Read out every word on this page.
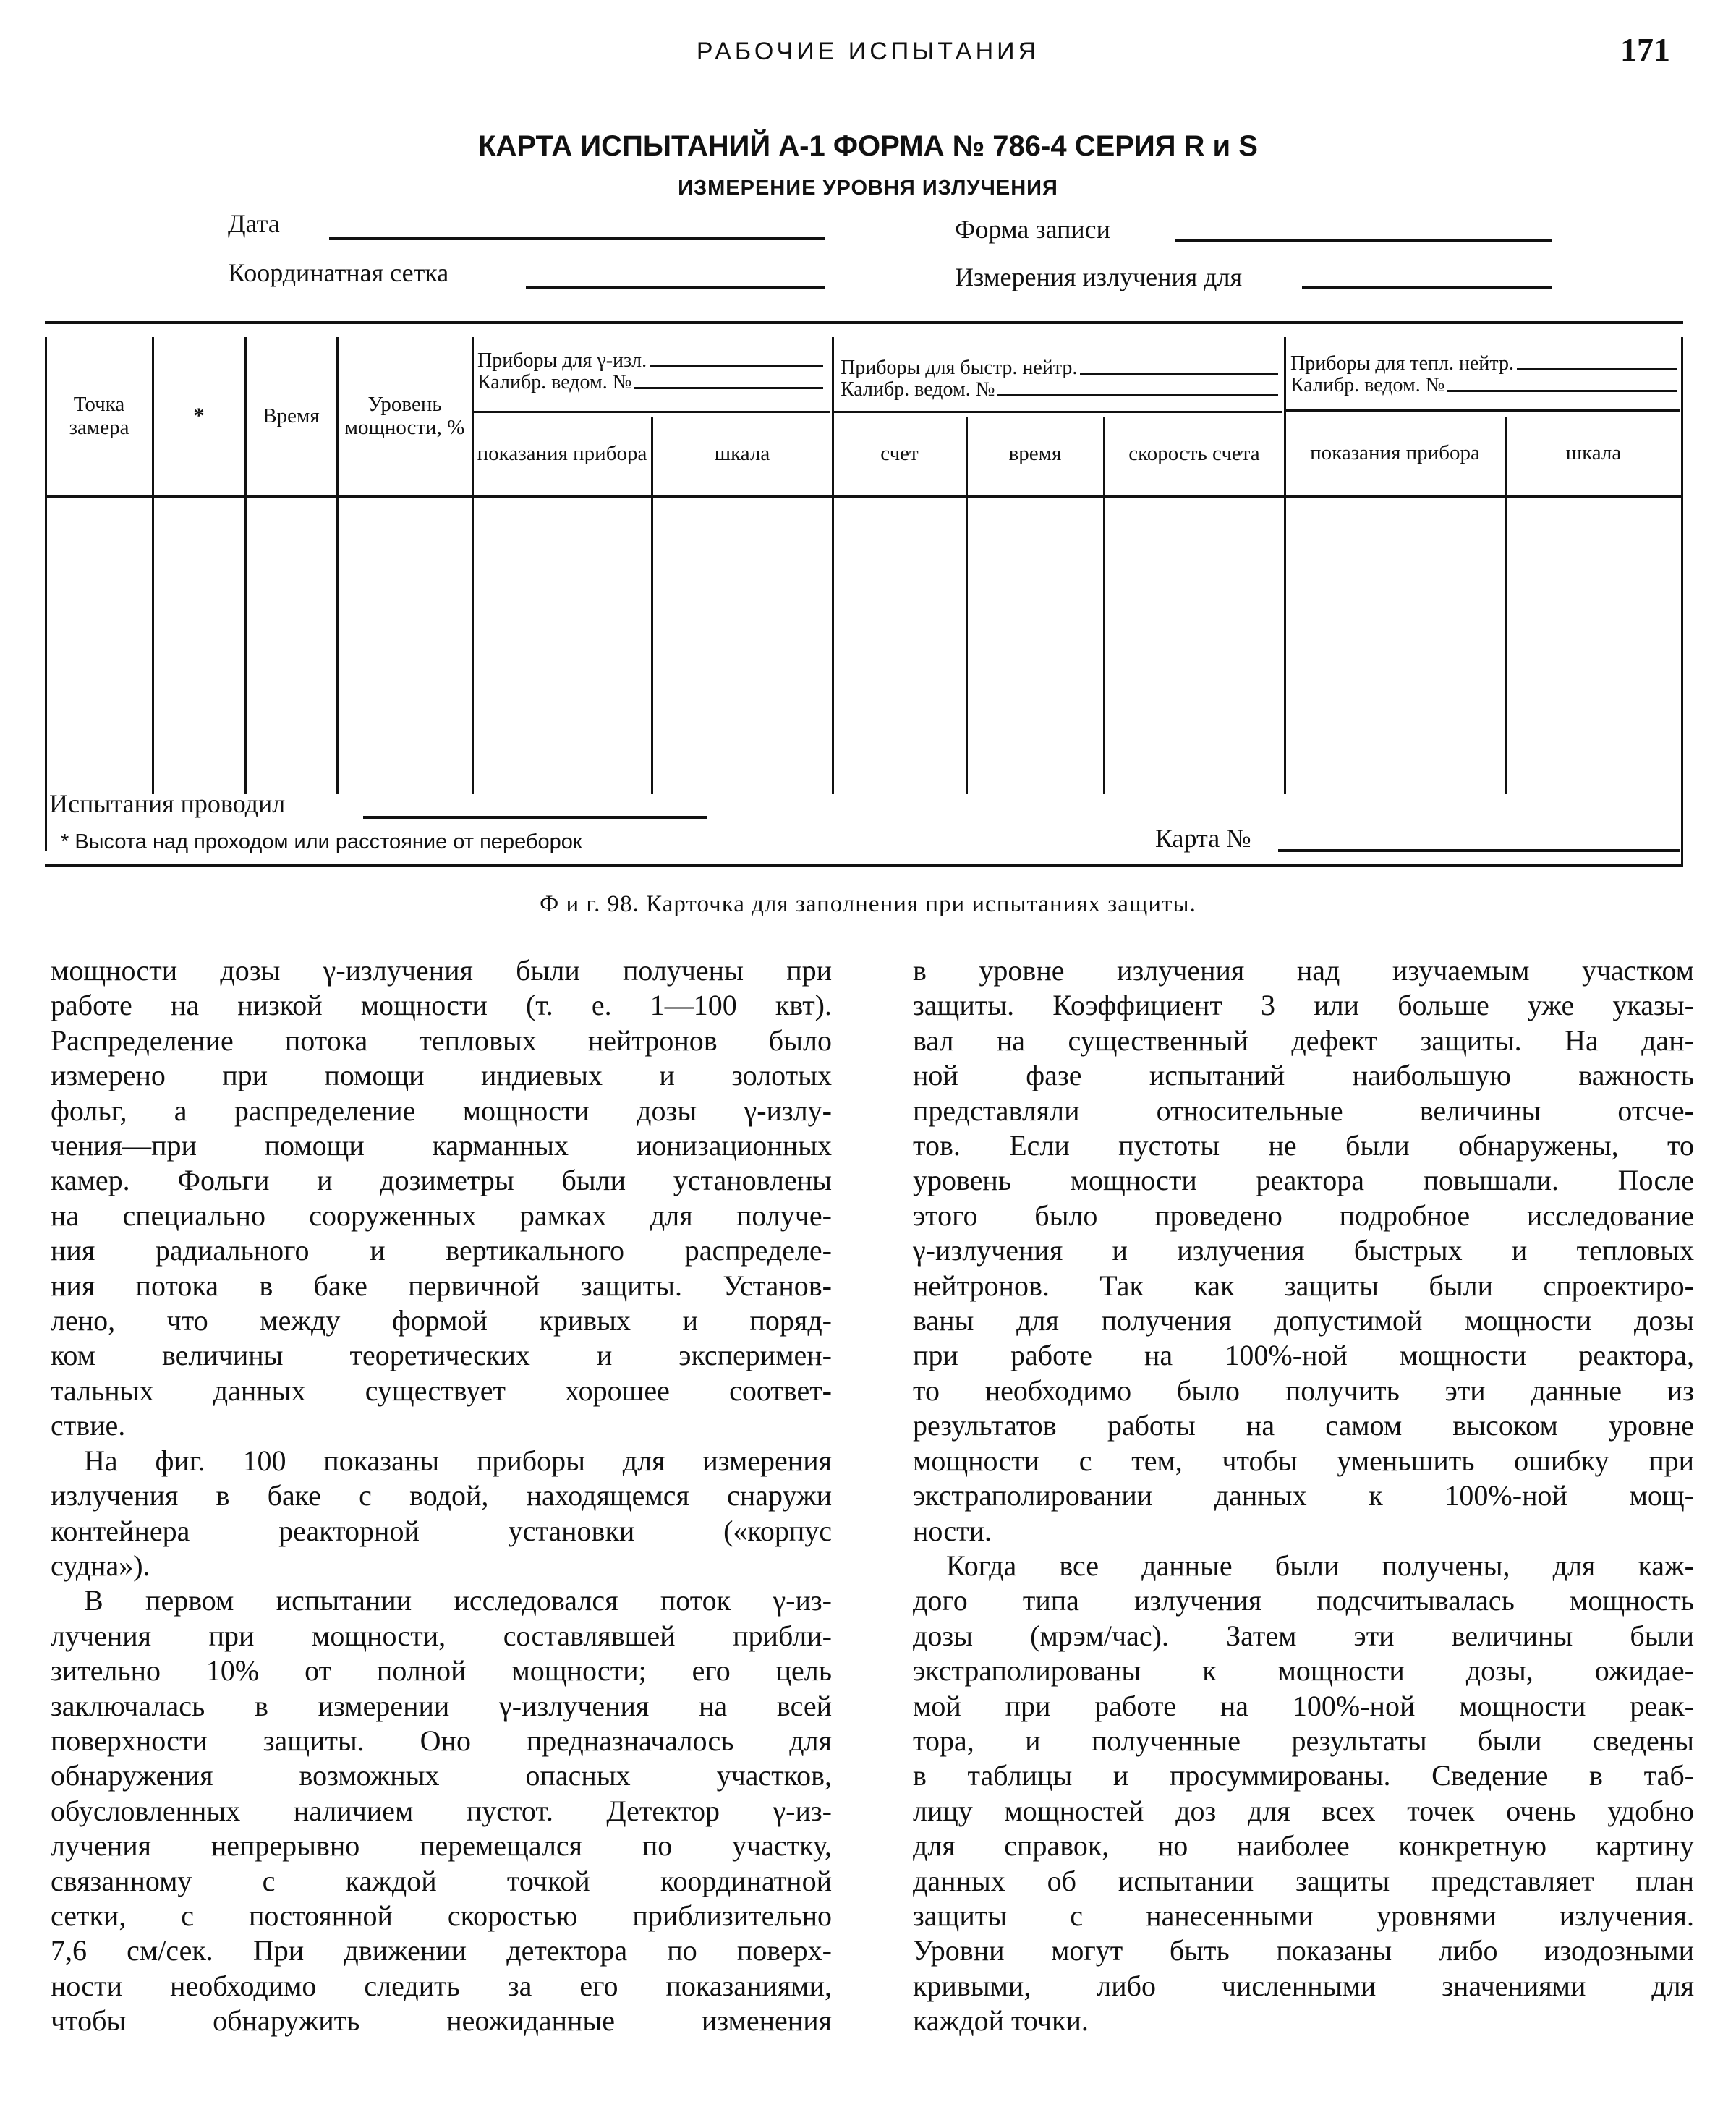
РАБОЧИЕ ИСПЫТАНИЯ	171
КАРТА ИСПЫТАНИЙ А-1 ФОРМА № 786-4 СЕРИЯ R и S
ИЗМЕРЕНИЕ УРОВНЯ ИЗЛУЧЕНИЯ
Дата	Форма записи
Координатная сетка	Измерения излучения для
Точка замера	*	Время	Уровень мощности, %
Приборы для γ-изл.
Калибр. ведом. №
показания прибора	шкала
Приборы для быстр. нейтр.
Калибр. ведом. №
счет	время	скорость счета
Приборы для тепл. нейтр.
Калибр. ведом. №
показания прибора	шкала
Испытания проводил
* Высота над проходом или расстояние от переборок	Карта №
Ф и г. 98. Карточка для заполнения при испытаниях защиты.
мощности дозы γ-излучения были получены при
работе на низкой мощности (т. е. 1—100 квт).
Распределение потока тепловых нейтронов было
измерено при помощи индиевых и золотых
фольг, а распределение мощности дозы γ-излу-
чения—при помощи карманных ионизационных
камер. Фольги и дозиметры были установлены
на специально сооруженных рамках для получе-
ния радиального и вертикального распределе-
ния потока в баке первичной защиты. Установ-
лено, что между формой кривых и поряд-
ком величины теоретических и эксперимен-
тальных данных существует хорошее соответ-
ствие.
На фиг. 100 показаны приборы для измерения
излучения в баке с водой, находящемся снаружи
контейнера реакторной установки («корпус
судна»).
В первом испытании исследовался поток γ-из-
лучения при мощности, составлявшей прибли-
зительно 10% от полной мощности; его цель
заключалась в измерении γ-излучения на всей
поверхности защиты. Оно предназначалось для
обнаружения возможных опасных участков,
обусловленных наличием пустот. Детектор γ-из-
лучения непрерывно перемещался по участку,
связанному с каждой точкой координатной
сетки, с постоянной скоростью приблизительно
7,6 см/сек. При движении детектора по поверх-
ности необходимо следить за его показаниями,
чтобы обнаружить неожиданные изменения
в уровне излучения над изучаемым участком
защиты. Коэффициент 3 или больше уже указы-
вал на существенный дефект защиты. На дан-
ной фазе испытаний наибольшую важность
представляли относительные величины отсче-
тов. Если пустоты не были обнаружены, то
уровень мощности реактора повышали. После
этого было проведено подробное исследование
γ-излучения и излучения быстрых и тепловых
нейтронов. Так как защиты были спроектиро-
ваны для получения допустимой мощности дозы
при работе на 100%-ной мощности реактора,
то необходимо было получить эти данные из
результатов работы на самом высоком уровне
мощности с тем, чтобы уменьшить ошибку при
экстраполировании данных к 100%-ной мощ-
ности.
Когда все данные были получены, для каж-
дого типа излучения подсчитывалась мощность
дозы (мрэм/час). Затем эти величины были
экстраполированы к мощности дозы, ожидае-
мой при работе на 100%-ной мощности реак-
тора, и полученные результаты были сведены
в таблицы и просуммированы. Сведение в таб-
лицу мощностей доз для всех точек очень удобно
для справок, но наиболее конкретную картину
данных об испытании защиты представляет план
защиты с нанесенными уровнями излучения.
Уровни могут быть показаны либо изодозными
кривыми, либо численными значениями для
каждой точки.
